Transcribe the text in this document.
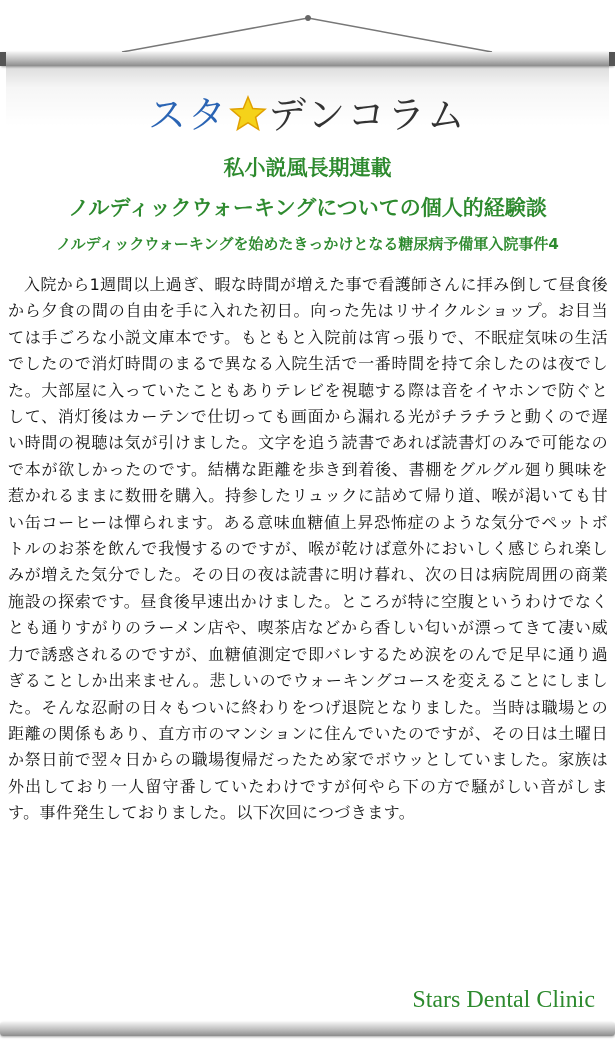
スタ デンコラム
私小説風長期連載
ノルディックウォーキングについての個人的経験談
ノルディックウォーキングを始めたきっかけとなる糖尿病予備軍入院事件4

入院から1週間以上過ぎ、暇な時間が増えた事で看護師さんに拝み倒して昼食後から夕食の間の自由を手に入れた初日。向った先はリサイクルショップ。お目当ては手ごろな小説文庫本です。もともと入院前は宵っ張りで、不眠症気味の生活でしたので消灯時間のまるで異なる入院生活で一番時間を持て余したのは夜でした。大部屋に入っていたこともありテレビを視聴する際は音をイヤホンで防ぐとして、消灯後はカーテンで仕切っても画面から漏れる光がチラチラと動くので遅い時間の視聴は気が引けました。文字を追う読書であれば読書灯のみで可能なので本が欲しかったのです。結構な距離を歩き到着後、書棚をグルグル廻り興味を惹かれるままに数冊を購入。持参したリュックに詰めて帰り道、喉が渇いても甘い缶コーヒーは憚られます。ある意味血糖値上昇恐怖症のような気分でペットボトルのお茶を飲んで我慢するのですが、喉が乾けば意外においしく感じられ楽しみが増えた気分でした。その日の夜は読書に明け暮れ、次の日は病院周囲の商業施設の探索です。昼食後早速出かけました。ところが特に空腹というわけでなくとも通りすがりのラーメン店や、喫茶店などから香しい匂いが漂ってきて凄い威力で誘惑されるのですが、血糖値測定で即バレするため涙をのんで足早に通り過ぎることしか出来ません。悲しいのでウォーキングコースを変えることにしました。そんな忍耐の日々もついに終わりをつげ退院となりました。当時は職場との距離の関係もあり、直方市のマンションに住んでいたのですが、その日は土曜日か祭日前で翌々日からの職場復帰だったため家でボウッとしていました。家族は外出しており一人留守番していたわけですが何やら下の方で騒がしい音がします。事件発生しておりました。以下次回につづきます。

Stars Dental Clinic
